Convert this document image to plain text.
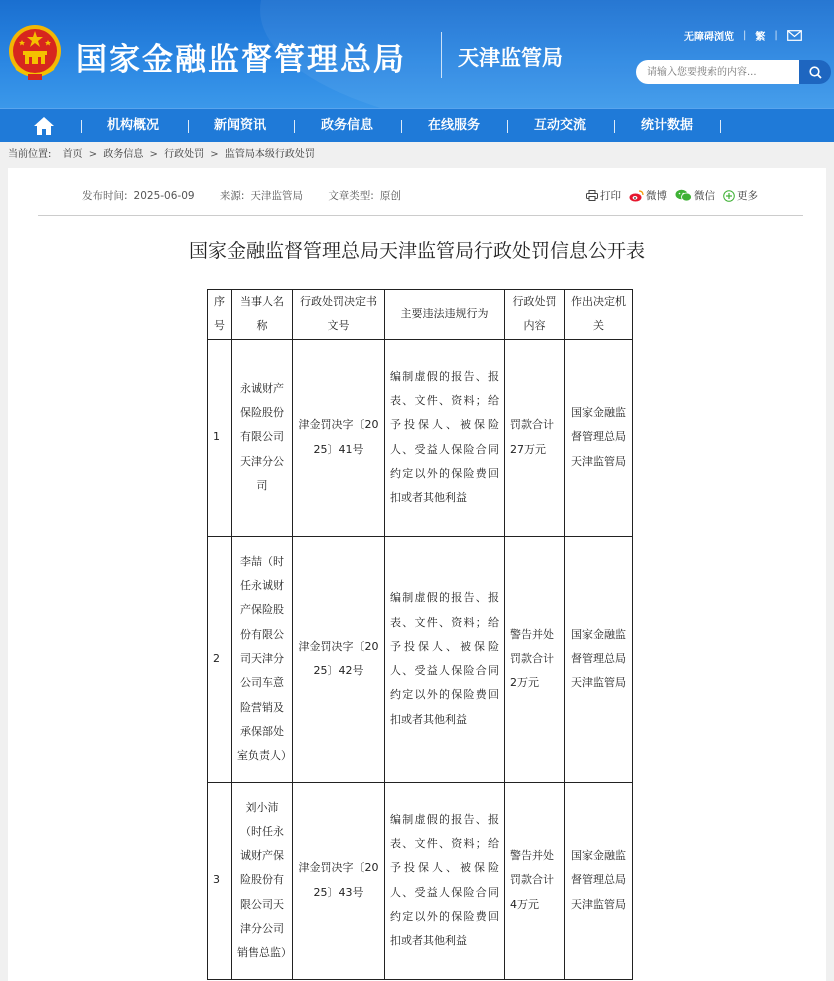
国家金融监督管理总局 天津监管局
无障碍浏览 | 繁 |
请输入您要搜索的内容...
机构概况	新闻资讯	政务信息	在线服务	互动交流	统计数据
当前位置: 首页 > 政务信息 > 行政处罚 > 监管局本级行政处罚
发布时间: 2025-06-09 来源: 天津监管局 文章类型: 原创	打印 微博	微信 更多
国家金融监督管理总局天津监管局行政处罚信息公开表
序号	当事人名称	行政处罚决定书文号	主要违法违规行为	行政处罚内容	作出决定机关
1	永诚财产保险股份有限公司天津分公司	津金罚决字〔2025〕41号	编制虚假的报告、报表、文件、资料；给予投保人、被保险人、受益人保险合同约定以外的保险费回扣或者其他利益	罚款合计27万元	国家金融监督管理总局天津监管局
2	李喆（时任永诚财产保险股份有限公司天津分公司车意险营销及承保部处室负责人）	津金罚决字〔2025〕42号	编制虚假的报告、报表、文件、资料；给予投保人、被保险人、受益人保险合同约定以外的保险费回扣或者其他利益	警告并处罚款合计2万元	国家金融监督管理总局天津监管局
3	刘小沛（时任永诚财产保险股份有限公司天津分公司销售总监）	津金罚决字〔2025〕43号	编制虚假的报告、报表、文件、资料；给予投保人、被保险人、受益人保险合同约定以外的保险费回扣或者其他利益	警告并处罚款合计4万元	国家金融监督管理总局天津监管局
